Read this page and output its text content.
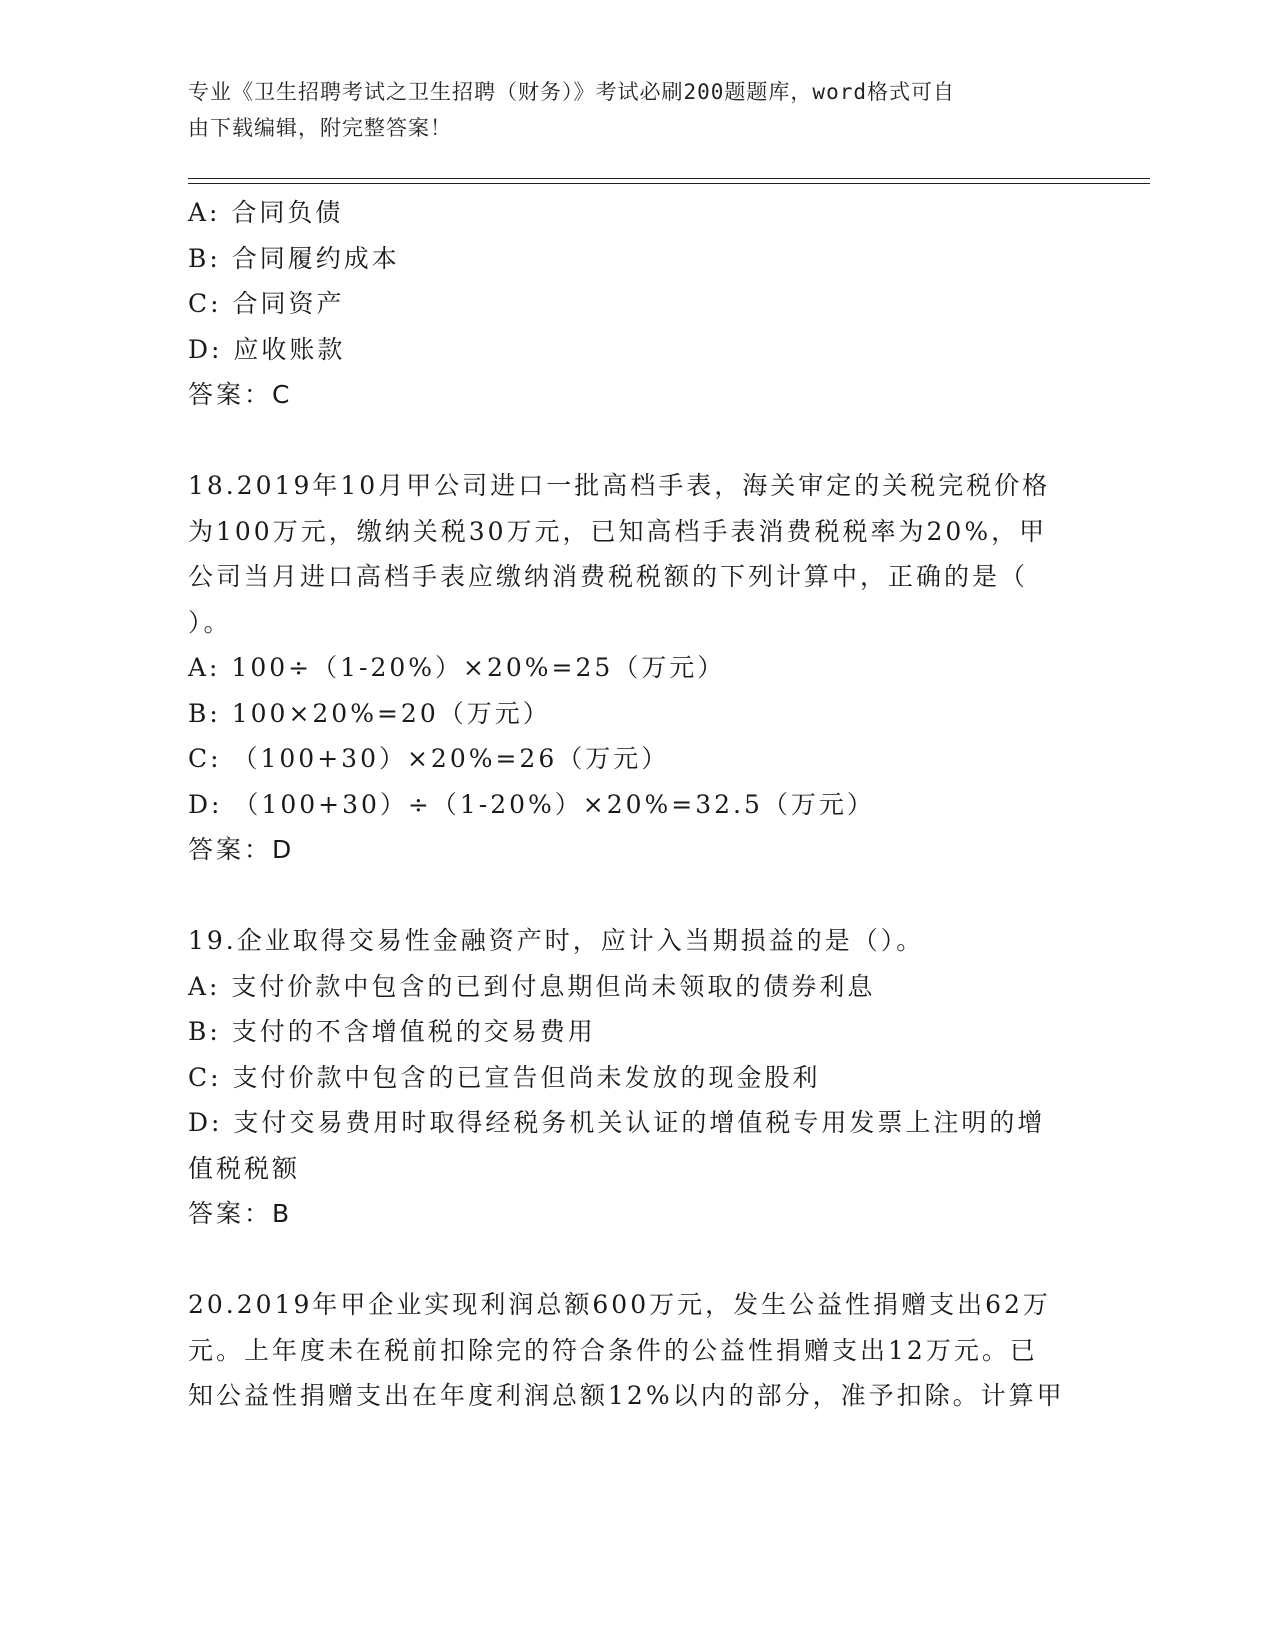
专业《卫生招聘考试之卫生招聘（财务）》考试必刷200题题库，word格式可自
由下载编辑，附完整答案！

A: 合同负债

B: 合同履约成本

C: 合同资产

D: 应收账款

答案：C

18.2019年10月甲公司进口一批高档手表，海关审定的关税完税价格

为100万元，缴纳关税30万元，已知高档手表消费税税率为20%，甲

公司当月进口高档手表应缴纳消费税税额的下列计算中，正确的是（

）。

A: 100÷（1-20%）×20%=25（万元）

B: 100×20%=20（万元）

C: （100+30）×20%=26（万元）

D: （100+30）÷（1-20%）×20%=32.5（万元）

答案：D

19.企业取得交易性金融资产时，应计入当期损益的是（）。

A: 支付价款中包含的已到付息期但尚未领取的债券利息

B: 支付的不含增值税的交易费用

C: 支付价款中包含的已宣告但尚未发放的现金股利

D: 支付交易费用时取得经税务机关认证的增值税专用发票上注明的增

值税税额

答案：B

20.2019年甲企业实现利润总额600万元，发生公益性捐赠支出62万

元。上年度未在税前扣除完的符合条件的公益性捐赠支出12万元。已

知公益性捐赠支出在年度利润总额12%以内的部分，准予扣除。计算甲
